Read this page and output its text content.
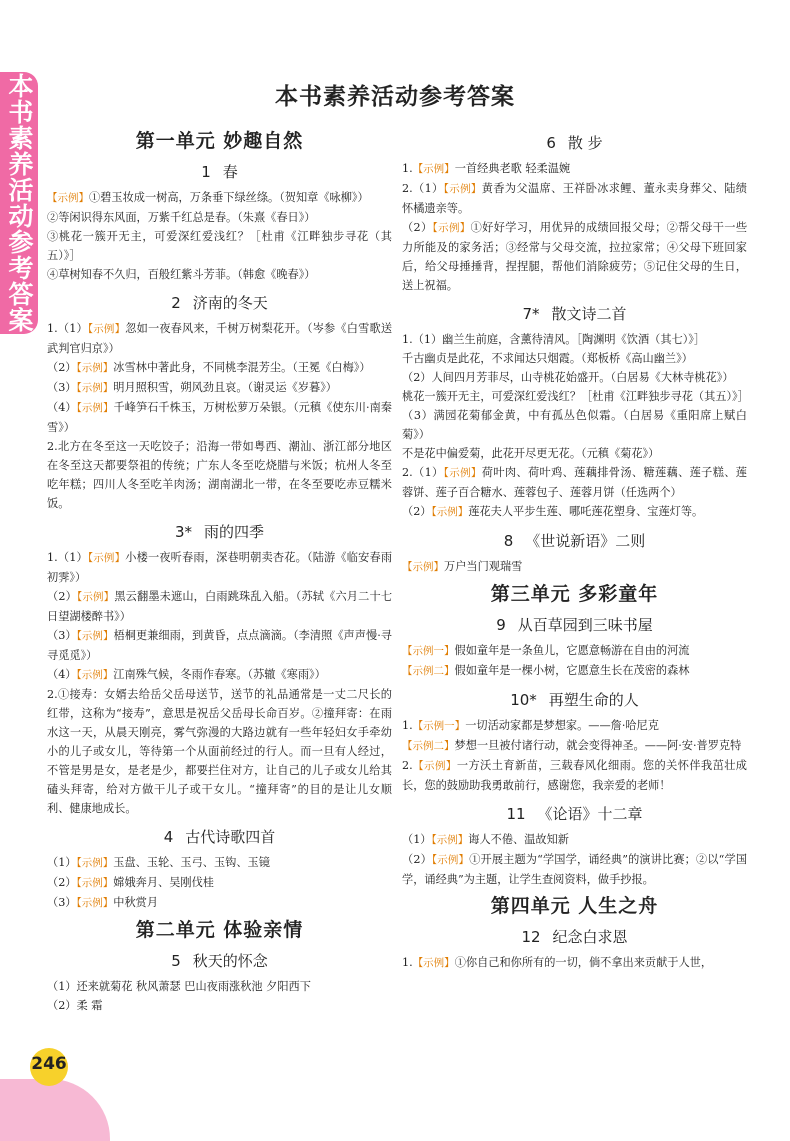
本书素养活动参考答案	本书素养活动参考答案
第一单元 妙趣自然
1 春

【示例】①碧玉妆成一树高，万条垂下绿丝绦。（贺知章《咏柳》）

②等闲识得东风面，万紫千红总是春。（朱熹《春日》）

③桃花一簇开无主，可爱深红爱浅红？［杜甫《江畔独步寻花（其五）》］

④草树知春不久归，百般红紫斗芳菲。（韩愈《晚春》）

2 济南的冬天

1.（1）【示例】忽如一夜春风来，千树万树梨花开。（岑参《白雪歌送武判官归京》）

（2）【示例】冰雪林中著此身，不同桃李混芳尘。（王冕《白梅》）

（3）【示例】明月照积雪，朔风劲且哀。（谢灵运《岁暮》）

（4）【示例】千峰笋石千株玉，万树松萝万朵银。（元稹《使东川·南秦雪》）

2.北方在冬至这一天吃饺子；沿海一带如粤西、潮汕、浙江部分地区在冬至这天都要祭祖的传统；广东人冬至吃烧腊与米饭；杭州人冬至吃年糕；四川人冬至吃羊肉汤；湖南湖北一带，在冬至要吃赤豆糯米饭。

3* 雨的四季

1.（1）【示例】小楼一夜听春雨，深巷明朝卖杏花。（陆游《临安春雨初霁》）

（2）【示例】黑云翻墨未遮山，白雨跳珠乱入船。（苏轼《六月二十七日望湖楼醉书》）

（3）【示例】梧桐更兼细雨，到黄昏，点点滴滴。（李清照《声声慢·寻寻觅觅》）

（4）【示例】江南殊气候，冬雨作春寒。（苏辙《寒雨》）

2.①接寿：女婿去给岳父岳母送节，送节的礼品通常是一丈二尺长的红带，这称为“接寿”，意思是祝岳父岳母长命百岁。②撞拜寄：在雨水这一天，从晨天刚亮，雾气弥漫的大路边就有一些年轻妇女手牵幼小的儿子或女儿，等待第一个从面前经过的行人。而一旦有人经过，不管是男是女，是老是少，都要拦住对方，让自己的儿子或女儿给其磕头拜寄，给对方做干儿子或干女儿。“撞拜寄”的目的是让儿女顺利、健康地成长。

4 古代诗歌四首

（1）【示例】玉盘、玉轮、玉弓、玉钩、玉镜

（2）【示例】嫦娥奔月、吴刚伐桂

（3）【示例】中秋赏月

第二单元 体验亲情
5 秋天的怀念

（1）还来就菊花 秋风萧瑟 巴山夜雨涨秋池 夕阳西下

（2）柔 霜

6 散 步

1.【示例】一首经典老歌 轻柔温婉

2.（1）【示例】黄香为父温席、王祥卧冰求鲤、董永卖身葬父、陆绩怀橘遗亲等。

（2）【示例】①好好学习，用优异的成绩回报父母；②帮父母干一些力所能及的家务活；③经常与父母交流，拉拉家常；④父母下班回家后，给父母捶捶背，捏捏腿，帮他们消除疲劳；⑤记住父母的生日，送上祝福。

7* 散文诗二首

1.（1）幽兰生前庭，含薰待清风。［陶渊明《饮酒（其七）》］

千古幽贞是此花，不求闻达只烟霞。（郑板桥《高山幽兰》）

（2）人间四月芳菲尽，山寺桃花始盛开。（白居易《大林寺桃花》）

桃花一簇开无主，可爱深红爱浅红？［杜甫《江畔独步寻花（其五）》］

（3）满园花菊郁金黄，中有孤丛色似霜。（白居易《重阳席上赋白菊》）

不是花中偏爱菊，此花开尽更无花。（元稹《菊花》）

2.（1）【示例】荷叶肉、荷叶鸡、莲藕排骨汤、糖莲藕、莲子糕、莲蓉饼、莲子百合糖水、莲蓉包子、莲蓉月饼（任选两个）

（2）【示例】莲花夫人平步生莲、哪吒莲花塑身、宝莲灯等。

8 《世说新语》二则

【示例】万户当门观瑞雪

第三单元 多彩童年
9 从百草园到三味书屋

【示例一】假如童年是一条鱼儿，它愿意畅游在自由的河流

【示例二】假如童年是一棵小树，它愿意生长在茂密的森林

10* 再塑生命的人

1.【示例一】一切活动家都是梦想家。——詹·哈尼克

【示例二】梦想一旦被付诸行动，就会变得神圣。——阿·安·普罗克特

2.【示例】一方沃土育新苗，三载春风化细雨。您的关怀伴我茁壮成长，您的鼓励助我勇敢前行，感谢您，我亲爱的老师！

11 《论语》十二章

（1）【示例】诲人不倦、温故知新

（2）【示例】①开展主题为“学国学，诵经典”的演讲比赛；②以“学国学，诵经典”为主题，让学生查阅资料，做手抄报。

第四单元 人生之舟
12 纪念白求恩

1.【示例】①你自己和你所有的一切，倘不拿出来贡献于人世，

246
